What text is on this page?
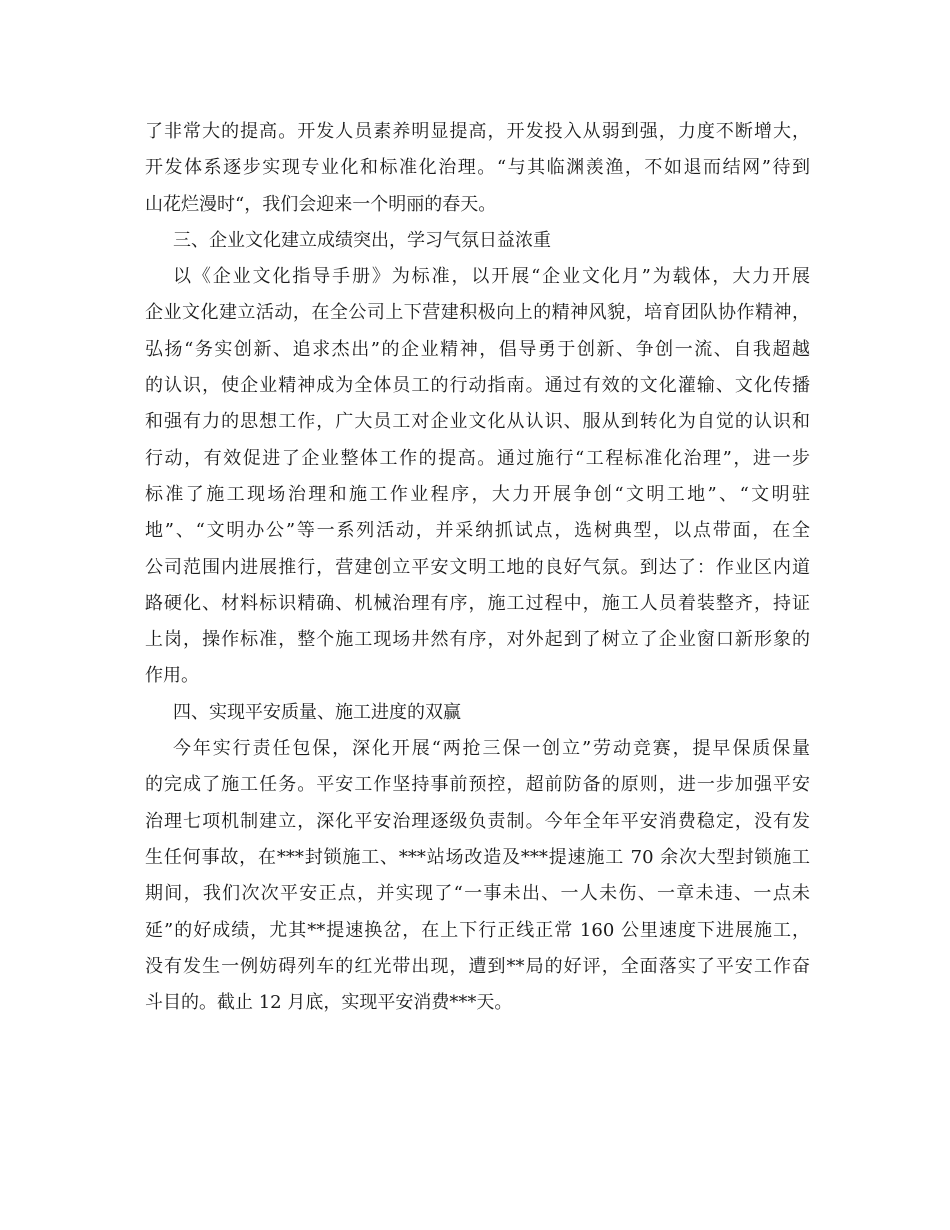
了非常大的提高。开发人员素养明显提高，开发投入从弱到强，力度不断增大，
开发体系逐步实现专业化和标准化治理。“与其临渊羡渔，不如退而结网”待到
山花烂漫时“，我们会迎来一个明丽的春天。
三、企业文化建立成绩突出，学习气氛日益浓重
以《企业文化指导手册》为标准，以开展“企业文化月”为载体，大力开展
企业文化建立活动，在全公司上下营建积极向上的精神风貌，培育团队协作精神，
弘扬“务实创新、追求杰出”的企业精神，倡导勇于创新、争创一流、自我超越
的认识，使企业精神成为全体员工的行动指南。通过有效的文化灌输、文化传播
和强有力的思想工作，广大员工对企业文化从认识、服从到转化为自觉的认识和
行动，有效促进了企业整体工作的提高。通过施行“工程标准化治理”，进一步
标准了施工现场治理和施工作业程序，大力开展争创“文明工地”、“文明驻
地”、“文明办公”等一系列活动，并采纳抓试点，选树典型，以点带面，在全
公司范围内进展推行，营建创立平安文明工地的良好气氛。到达了：作业区内道
路硬化、材料标识精确、机械治理有序，施工过程中，施工人员着装整齐，持证
上岗，操作标准，整个施工现场井然有序，对外起到了树立了企业窗口新形象的
作用。
四、实现平安质量、施工进度的双赢
今年实行责任包保，深化开展“两抢三保一创立”劳动竞赛，提早保质保量
的完成了施工任务。平安工作坚持事前预控，超前防备的原则，进一步加强平安
治理七项机制建立，深化平安治理逐级负责制。今年全年平安消费稳定，没有发
生任何事故，在***封锁施工、***站场改造及***提速施工 70 余次大型封锁施工
期间，我们次次平安正点，并实现了“一事未出、一人未伤、一章未违、一点未
延”的好成绩，尤其**提速换岔，在上下行正线正常 160 公里速度下进展施工，
没有发生一例妨碍列车的红光带出现，遭到**局的好评，全面落实了平安工作奋
斗目的。截止 12 月底，实现平安消费***天。
